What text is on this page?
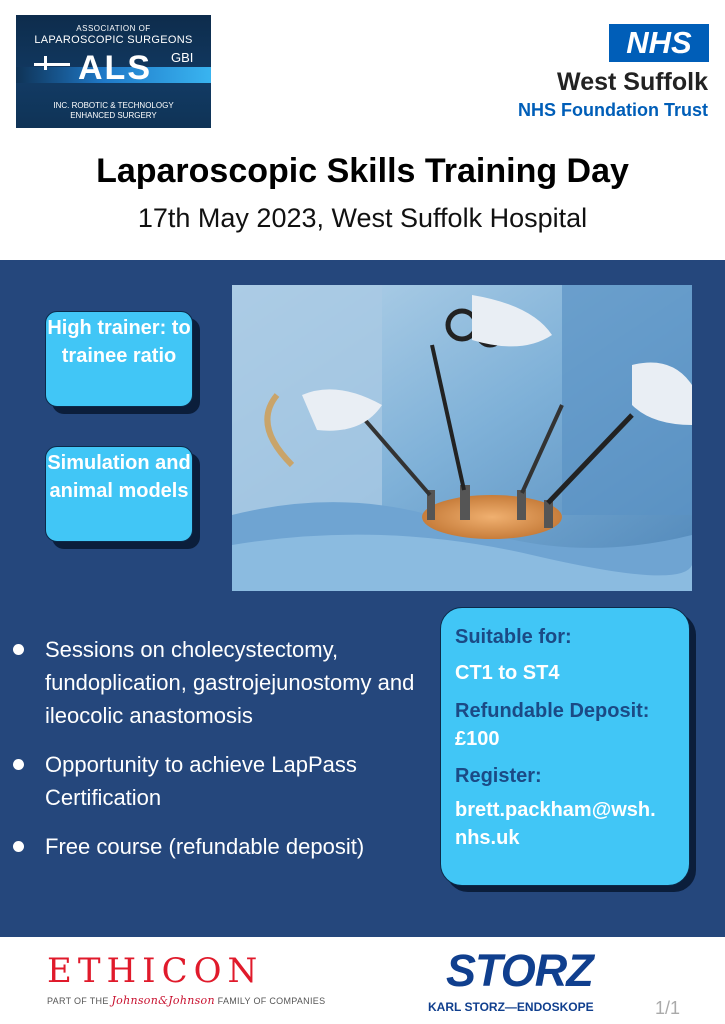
ASSOCIATION OF
LAPAROSCOPIC SURGEONS
ALS GBI
INC. ROBOTIC & TECHNOLOGY
ENHANCED SURGERY
NHS
West Suffolk
NHS Foundation Trust
Laparoscopic Skills Training Day
17th May 2023, West Suffolk Hospital
High trainer: to trainee ratio
Simulation and animal models
Sessions on cholecystectomy, fundoplication, gastrojejunostomy and ileocolic anastomosis
Opportunity to achieve LapPass Certification
Free course (refundable deposit)
Suitable for:
CT1 to ST4
Refundable Deposit:
£100
Register:
brett.packham@wsh.
nhs.uk
ETHICON
PART OF THE Johnson&Johnson FAMILY OF COMPANIES
STORZ
KARL STORZ—ENDOSKOPE	1/1
